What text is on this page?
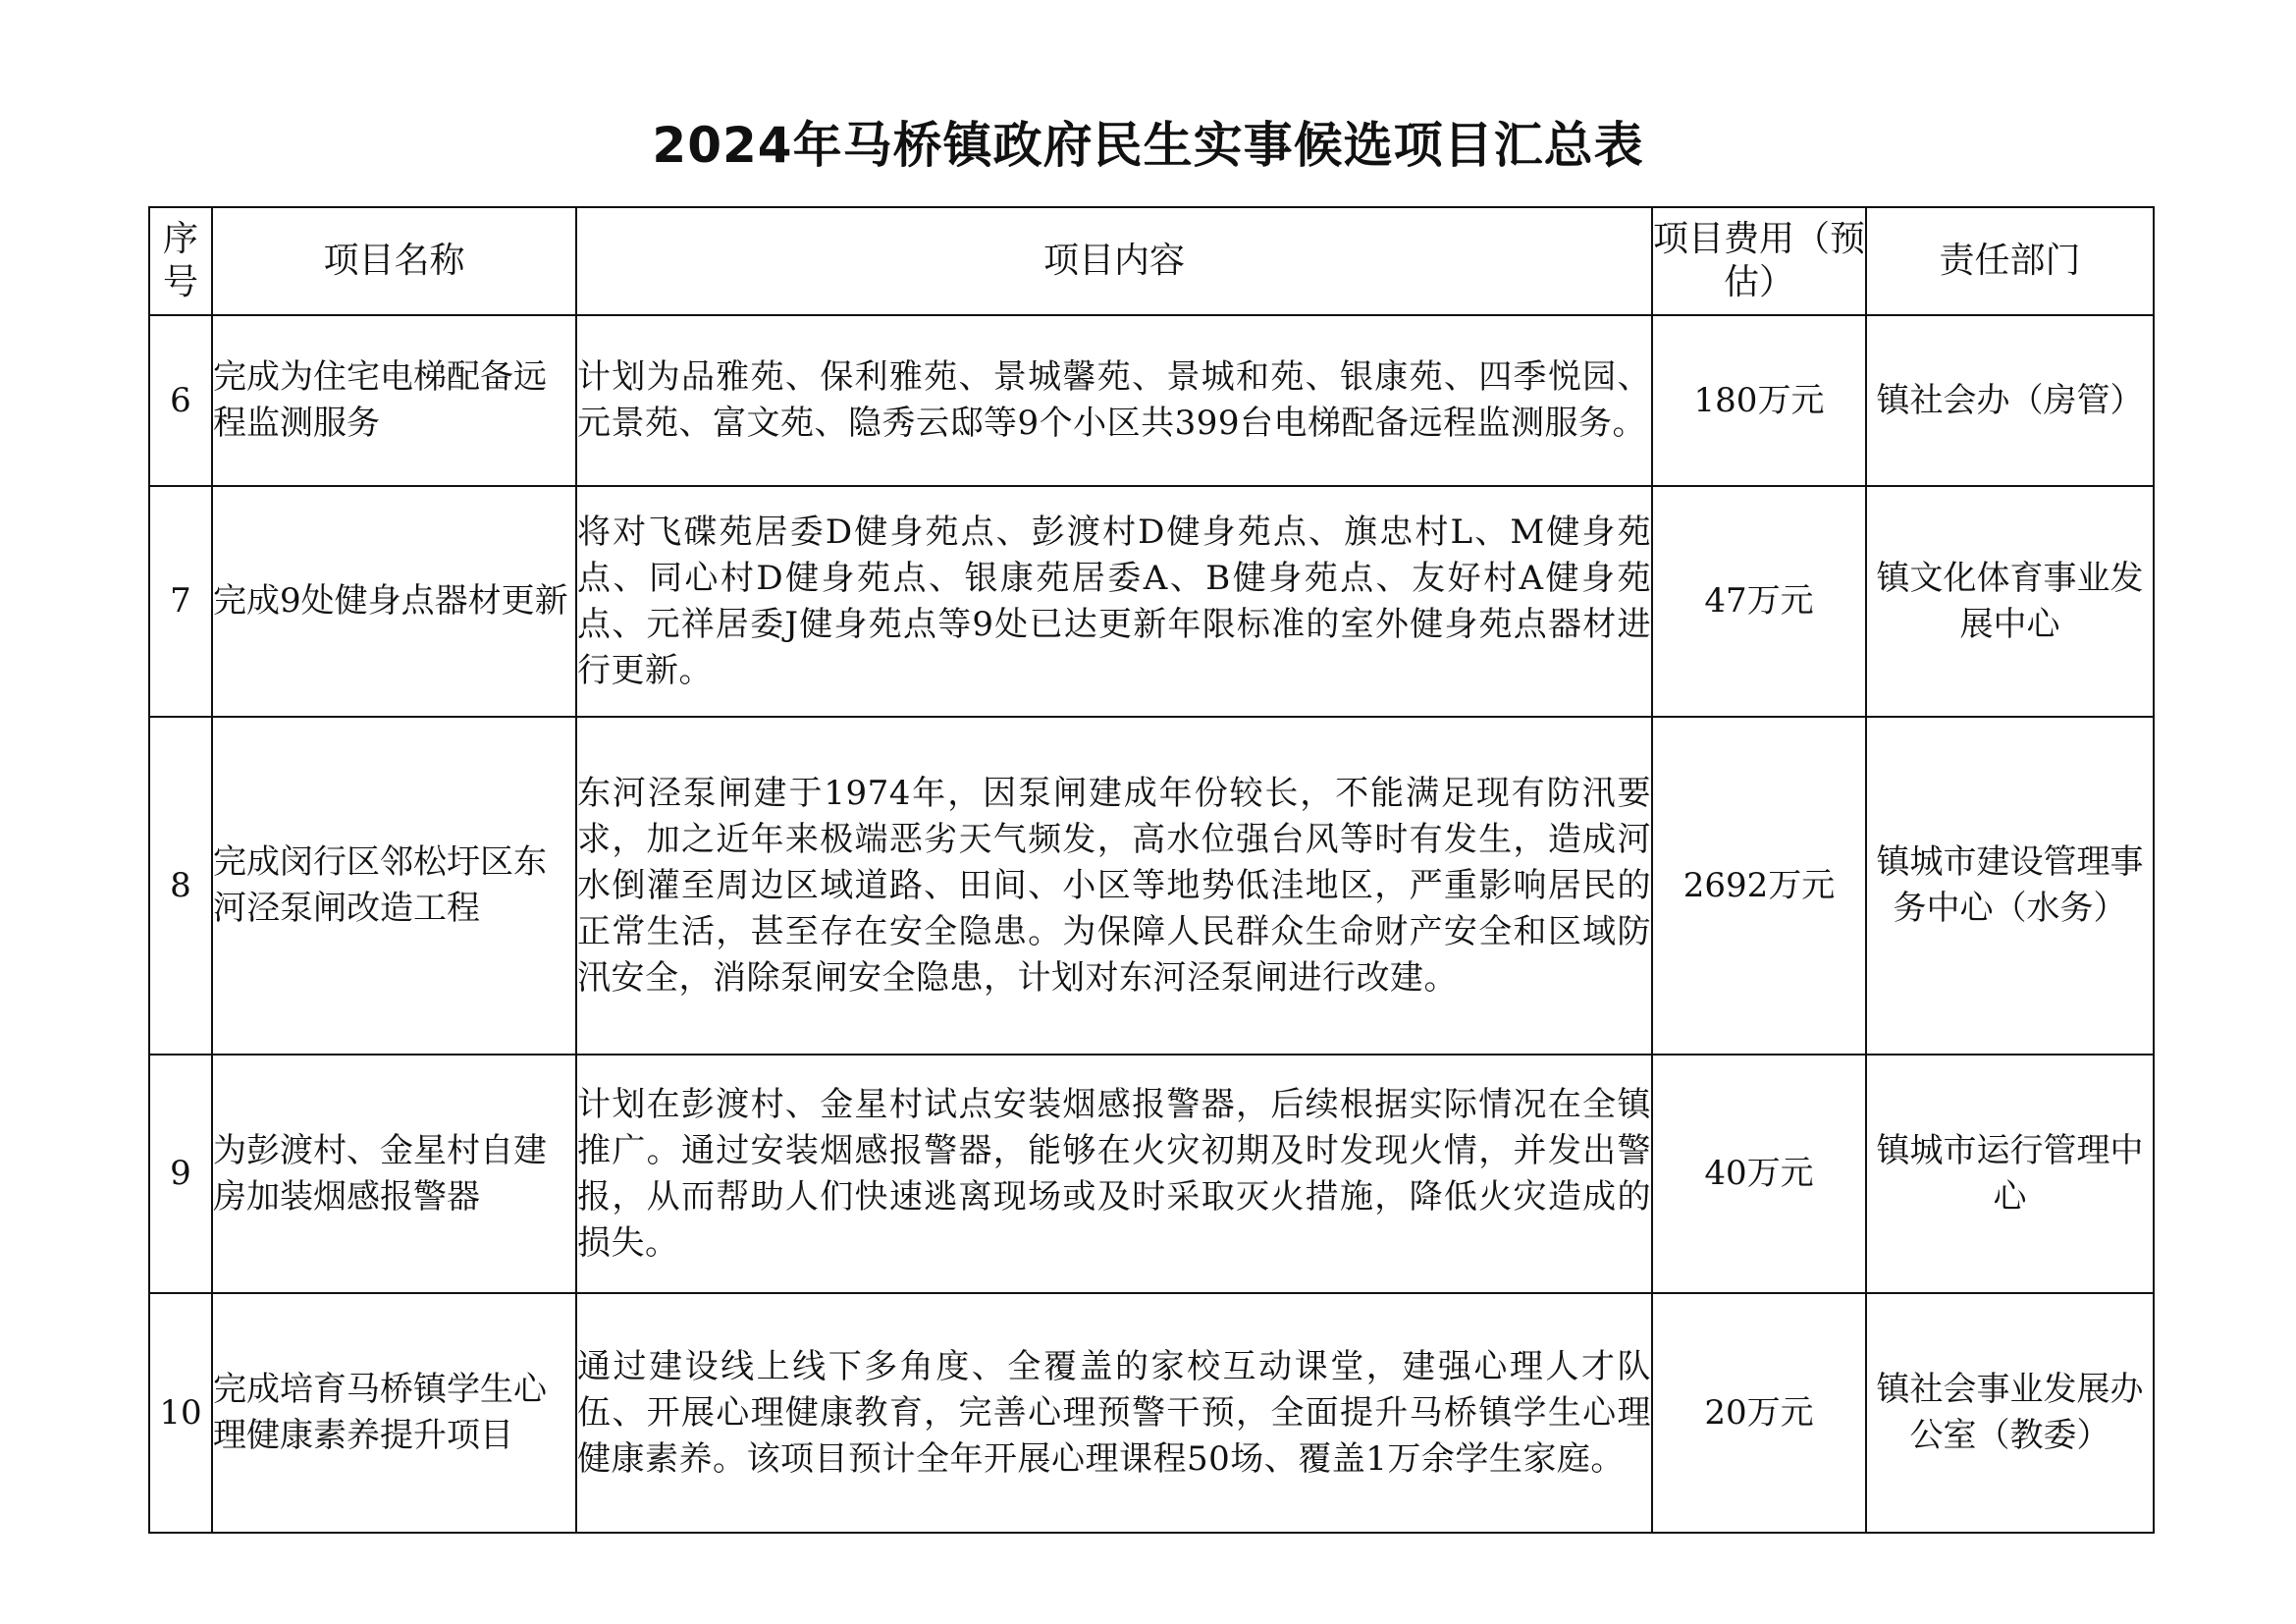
2024年马桥镇政府民生实事候选项目汇总表
序号	项目名称	项目内容	项目费用（预估）	责任部门
6	完成为住宅电梯配备远程监测服务	计划为品雅苑、保利雅苑、景城馨苑、景城和苑、银康苑、四季悦园、元景苑、富文苑、隐秀云邸等9个小区共399台电梯配备远程监测服务。	180万元	镇社会办（房管）
7	完成9处健身点器材更新	将对飞碟苑居委D健身苑点、彭渡村D健身苑点、旗忠村L、M健身苑点、同心村D健身苑点、银康苑居委A、B健身苑点、友好村A健身苑点、元祥居委J健身苑点等9处已达更新年限标准的室外健身苑点器材进行更新。	47万元	镇文化体育事业发展中心
8	完成闵行区邻松圩区东河泾泵闸改造工程	东河泾泵闸建于1974年，因泵闸建成年份较长，不能满足现有防汛要求，加之近年来极端恶劣天气频发，高水位强台风等时有发生，造成河水倒灌至周边区域道路、田间、小区等地势低洼地区，严重影响居民的正常生活，甚至存在安全隐患。为保障人民群众生命财产安全和区域防汛安全，消除泵闸安全隐患，计划对东河泾泵闸进行改建。	2692万元	镇城市建设管理事务中心（水务）
9	为彭渡村、金星村自建房加装烟感报警器	计划在彭渡村、金星村试点安装烟感报警器，后续根据实际情况在全镇推广。通过安装烟感报警器，能够在火灾初期及时发现火情，并发出警报，从而帮助人们快速逃离现场或及时采取灭火措施，降低火灾造成的损失。	40万元	镇城市运行管理中心
10	完成培育马桥镇学生心理健康素养提升项目	通过建设线上线下多角度、全覆盖的家校互动课堂，建强心理人才队伍、开展心理健康教育，完善心理预警干预，全面提升马桥镇学生心理健康素养。该项目预计全年开展心理课程50场、覆盖1万余学生家庭。	20万元	镇社会事业发展办公室（教委）
